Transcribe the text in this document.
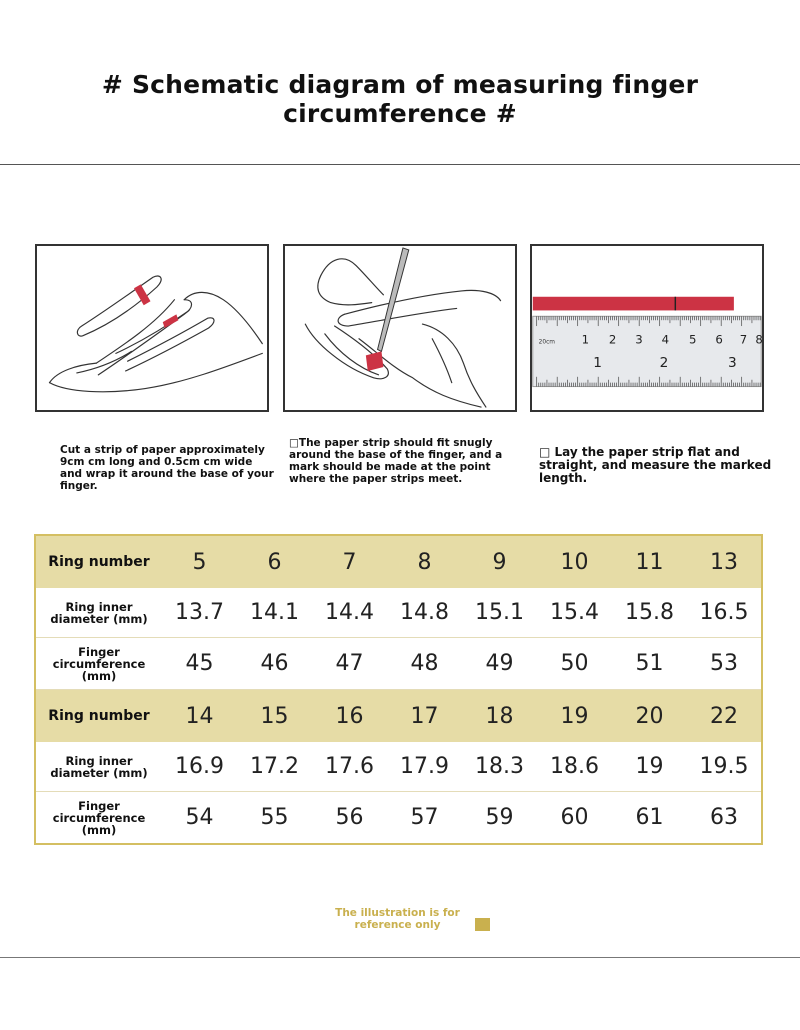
# Schematic diagram of measuring finger circumference #
20cm 1 2 3 4 5 6 7 8
1	2	3
Cut a strip of paper approximately 9cm cm long and 0.5cm cm wide and wrap it around the base of your finger.
□The paper strip should fit snugly around the base of the finger, and a mark should be made at the point where the paper strips meet.
□ Lay the paper strip flat and straight, and measure the marked length.
Ring number	5	6	7	8	9	10	11	13
Ring inner diameter (mm)	13.7	14.1	14.4	14.8	15.1	15.4	15.8	16.5
Finger circumference (mm)	45	46	47	48	49	50	51	53
Ring number	14	15	16	17	18	19	20	22
Ring inner diameter (mm)	16.9	17.2	17.6	17.9	18.3	18.6	19	19.5
Finger circumference (mm)	54	55	56	57	59	60	61	63
The illustration is for reference only
